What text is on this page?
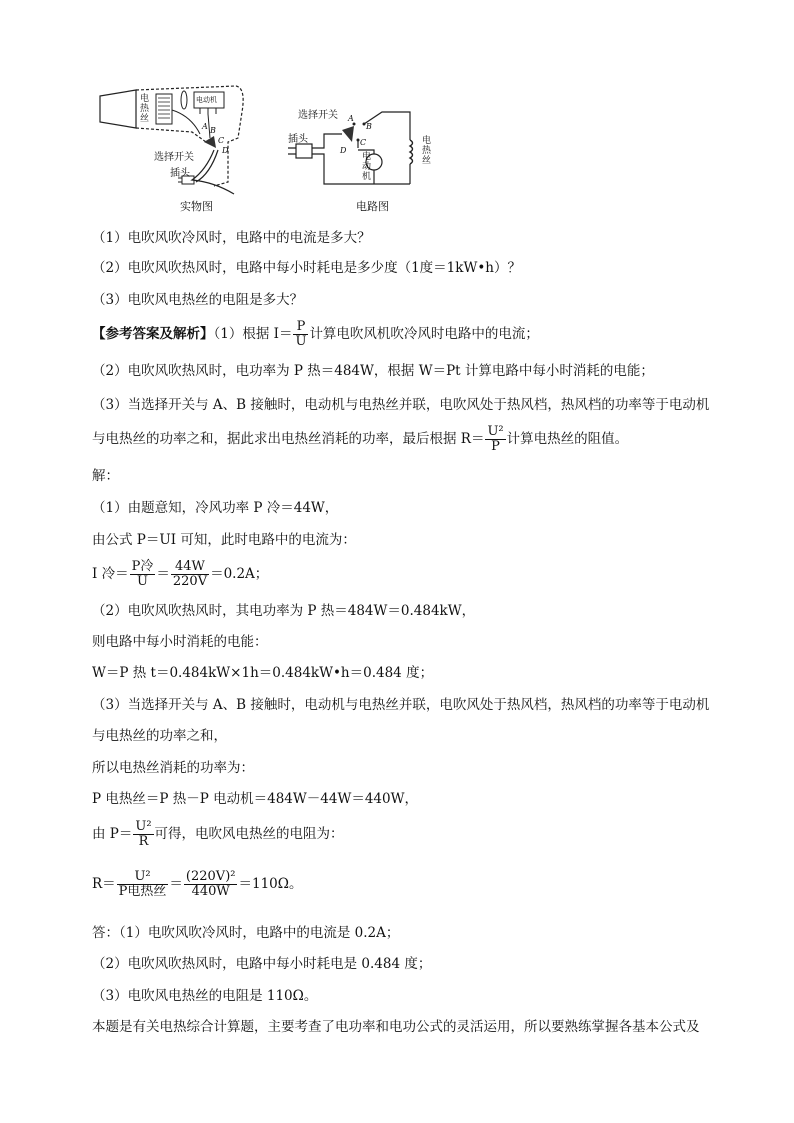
电
热
丝
电动机
A B
C
D
选择开关
插头
实物图
选择开关
插头
A
B
C
D
电
动
机
电
热
丝
电路图
（1）电吹风吹冷风时，电路中的电流是多大？
（2）电吹风吹热风时，电路中每小时耗电是多少度（1度＝1kW•h）？
（3）电吹风电热丝的电阻是多大？
【参考答案及解析】（1）根据 $I= \frac{P}{U}$ 计算电吹风机吹冷风时电路中的电流；
（2）电吹风吹热风时，电功率为 P 热＝484W，根据 W＝Pt 计算电路中每小时消耗的电能；
（3）当选择开关与 A、B 接触时，电动机与电热丝并联，电吹风处于热风档，热风档的功率等于电动机
与电热丝的功率之和，据此求出电热丝消耗的功率，最后根据 $R= \frac{\text{U²}}{P}$ 计算电热丝的阻值。
解：
（1）由题意知，冷风功率 P 冷＝44W，
由公式 P＝UI 可知，此时电路中的电流为：
I 冷＝ $\frac{\text{P冷}}{U} = \frac{44W}{220V} =0.2A$；
（2）电吹风吹热风时，其电功率为 P 热＝484W＝0.484kW，
则电路中每小时消耗的电能：
W＝P 热 t＝0.484kW×1h＝0.484kW•h＝0.484 度；
（3）当选择开关与 A、B 接触时，电动机与电热丝并联，电吹风处于热风档，热风档的功率等于电动机
与电热丝的功率之和，
所以电热丝消耗的功率为：
P 电热丝＝P 热－P 电动机＝484W－44W＝440W，
由 $P= \frac{\text{U²}}{R}$ 可得，电吹风电热丝的电阻为：
$R= \frac{\text{U²}}{\text{P电热丝}} = \frac{\text{(220V)²}}{440W} =110\Omega$。
答：（1）电吹风吹冷风时，电路中的电流是 0.2A；
（2）电吹风吹热风时，电路中每小时耗电是 0.484 度；
（3）电吹风电热丝的电阻是 110Ω。
本题是有关电热综合计算题，主要考查了电功率和电功公式的灵活运用，所以要熟练掌握各基本公式及
